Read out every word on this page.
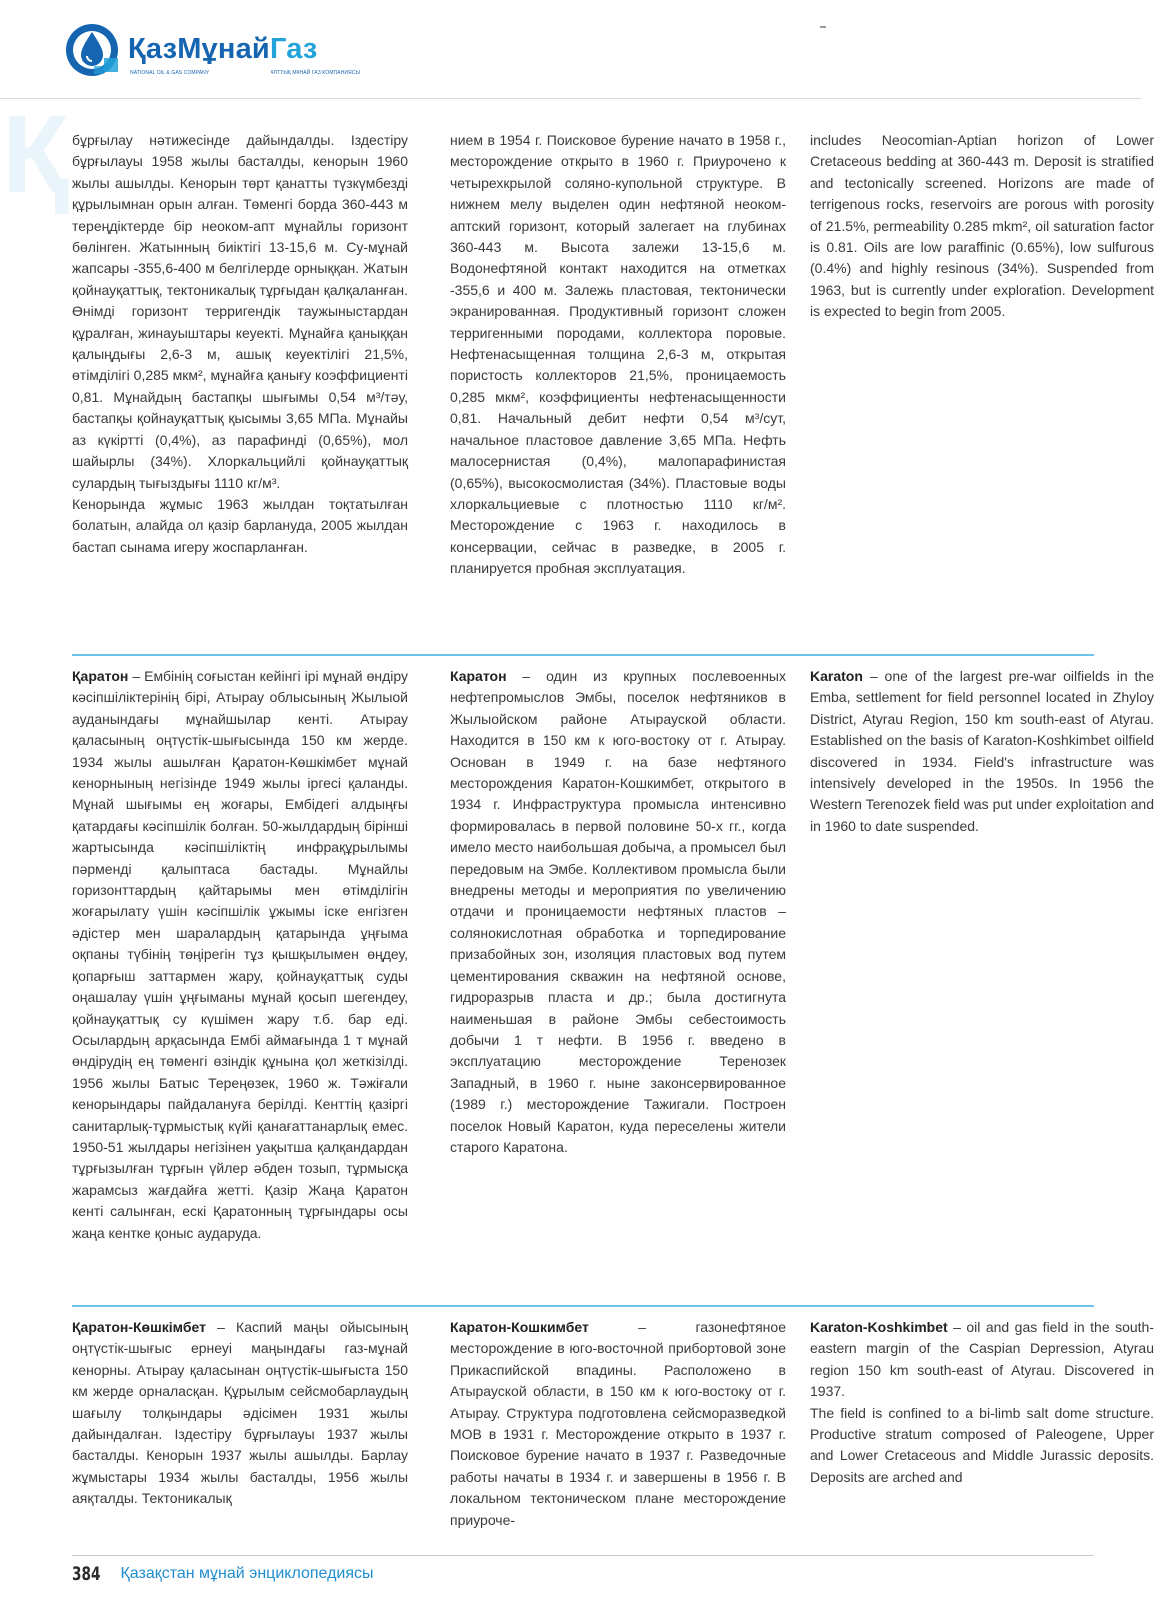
ҚазМұнайГаз
NATIONAL OIL & GAS COMPANY	ҰЛТТЫҚ МҰНАЙ ГАЗ КОМПАНИЯСЫ
Қ бұрғылау нәтижесінде дайындалды. Іздестіру бұрғылауы 1958 жылы басталды, кенорын 1960 жылы ашылды. Кенорын төрт қанатты түзкүмбезді құрылымнан орын алған. Төменгі борда 360-443 м тереңдіктерде бір неоком-апт мұнайлы горизонт бөлінген. Жатынның биіктігі 13-15,6 м. Су-мұнай жапсары -355,6-400 м белгілерде орныққан. Жатын қойнауқаттық, тектоникалық тұрғыдан қалқаланған. Өнімді горизонт терригендік таужыныстардан құралған, жинауыштары кеуекті. Мұнайға қаныққан қалыңдығы 2,6-3 м, ашық кеуектілігі 21,5%, өтімділігі 0,285 мкм², мұнайға қанығу коэффициенті 0,81. Мұнайдың бастапқы шығымы 0,54 м³/тәу, бастапқы қойнауқаттық қысымы 3,65 МПа. Мұнайы аз күкіртті (0,4%), аз парафинді (0,65%), мол шайырлы (34%). Хлоркальцийлі қойнауқаттық сулардың тығыздығы 1110 кг/м³.

Кенорында жұмыс 1963 жылдан тоқтатылған болатын, алайда ол қазір барлануда, 2005 жылдан бастап сынама игеру жоспарланған.

нием в 1954 г. Поисковое бурение начато в 1958 г., месторождение открыто в 1960 г. Приурочено к четырехкрылой соляно-купольной структуре. В нижнем мелу выделен один нефтяной неоком-аптский горизонт, который залегает на глубинах 360-443 м. Высота залежи 13-15,6 м. Водонефтяной контакт находится на отметках -355,6 и 400 м. Залежь пластовая, тектонически экранированная. Продуктивный горизонт сложен терригенными породами, коллектора поровые. Нефтенасыщенная толщина 2,6-3 м, открытая пористость коллекторов 21,5%, проницаемость 0,285 мкм², коэффициенты нефтенасыщенности 0,81. Начальный дебит нефти 0,54 м³/сут, начальное пластовое давление 3,65 МПа. Нефть малосернистая (0,4%), малопарафинистая (0,65%), высокосмолистая (34%). Пластовые воды хлоркальциевые с плотностью 1110 кг/м². Месторождение с 1963 г. находилось в консервации, сейчас в разведке, в 2005 г. планируется пробная эксплуатация.

includes Neocomian-Aptian horizon of Lower Cretaceous bedding at 360-443 m. Deposit is stratified and tectonically screened. Horizons are made of terrigenous rocks, reservoirs are porous with porosity of 21.5%, permeability 0.285 mkm², oil saturation factor is 0.81. Oils are low paraffinic (0.65%), low sulfurous (0.4%) and highly resinous (34%). Suspended from 1963, but is currently under exploration. Development is expected to begin from 2005.

Қаратон – Ембінің соғыстан кейінгі ірі мұнай өндіру кәсіпшіліктерінің бірі, Атырау облысының Жылыой ауданындағы мұнайшылар кенті. Атырау қаласының оңтүстік-шығысында 150 км жерде. 1934 жылы ашылған Қаратон-Көшкімбет мұнай кенорнының негізінде 1949 жылы іргесі қаланды. Мұнай шығымы ең жоғары, Ембідегі алдыңғы қатардағы кәсіпшілік болған. 50-жылдардың бірінші жартысында кәсіпшіліктің инфрақұрылымы пәрменді қалыптаса бастады. Мұнайлы горизонттардың қайтарымы мен өтімділігін жоғарылату үшін кәсіпшілік ұжымы іске енгізген әдістер мен шаралардың қатарында ұңғыма оқпаны түбінің төңірегін тұз қышқылымен өңдеу, қопарғыш заттармен жару, қойнауқаттық суды оңашалау үшін ұңғыманы мұнай қосып шегендеу, қойнауқаттық су күшімен жару т.б. бар еді. Осылардың арқасында Ембі аймағында 1 т мұнай өндірудің ең төменгі өзіндік құнына қол жеткізілді. 1956 жылы Батыс Тереңөзек, 1960 ж. Тәжіғали кенорындары пайдалануға берілді. Кенттің қазіргі санитарлық-тұрмыстық күйі қанағаттанарлық емес. 1950-51 жылдары негізінен уақытша қалқандардан тұрғызылған тұрғын үйлер әбден тозып, тұрмысқа жарамсыз жағдайға жетті. Қазір Жаңа Қаратон кенті салынған, ескі Қаратонның тұрғындары осы жаңа кентке қоныс аударуда.

Каратон – один из крупных послевоенных нефтепромыслов Эмбы, поселок нефтяников в Жылыойском районе Атырауской области. Находится в 150 км к юго-востоку от г. Атырау. Основан в 1949 г. на базе нефтяного месторождения Каратон-Кошкимбет, открытого в 1934 г. Инфраструктура промысла интенсивно формировалась в первой половине 50-х гг., когда имело место наибольшая добыча, а промысел был передовым на Эмбе. Коллективом промысла были внедрены методы и мероприятия по увеличению отдачи и проницаемости нефтяных пластов – солянокислотная обработка и торпедирование призабойных зон, изоляция пластовых вод путем цементирования скважин на нефтяной основе, гидроразрыв пласта и др.; была достигнута наименьшая в районе Эмбы себестоимость добычи 1 т нефти. В 1956 г. введено в эксплуатацию месторождение Теренозек Западный, в 1960 г. ныне законсервированное (1989 г.) месторождение Тажигали. Построен поселок Новый Каратон, куда переселены жители старого Каратона.

Karaton – one of the largest pre-war oilfields in the Emba, settlement for field personnel located in Zhyloy District, Atyrau Region, 150 km south-east of Atyrau. Established on the basis of Karaton-Koshkimbet oilfield discovered in 1934. Field's infrastructure was intensively developed in the 1950s. In 1956 the Western Terenozek field was put under exploitation and in 1960 to date suspended.

Қаратон-Көшкімбет – Каспий маңы ойысының оңтүстік-шығыс ернеуі маңындағы газ-мұнай кенорны. Атырау қаласынан оңтүстік-шығыста 150 км жерде орналасқан. Құрылым сейсмобарлаудың шағылу толқындары әдісімен 1931 жылы дайындалған. Іздестіру бұрғылауы 1937 жылы басталды. Кенорын 1937 жылы ашылды. Барлау жұмыстары 1934 жылы басталды, 1956 жылы аяқталды. Тектоникалық

Каратон-Кошкимбет – газонефтяное месторождение в юго-восточной прибортовой зоне Прикаспийской впадины. Расположено в Атырауской области, в 150 км к юго-востоку от г. Атырау. Структура подготовлена сейсморазведкой МОВ в 1931 г. Месторождение открыто в 1937 г. Поисковое бурение начато в 1937 г. Разведочные работы начаты в 1934 г. и завершены в 1956 г. В локальном тектоническом плане месторождение приуроче-

Karaton-Koshkimbet – oil and gas field in the south-eastern margin of the Caspian Depression, Atyrau region 150 km south-east of Atyrau. Discovered in 1937.

The field is confined to a bi-limb salt dome structure. Productive stratum composed of Paleogene, Upper and Lower Cretaceous and Middle Jurassic deposits. Deposits are arched and

384 Қазақстан мұнай энциклопедиясы
